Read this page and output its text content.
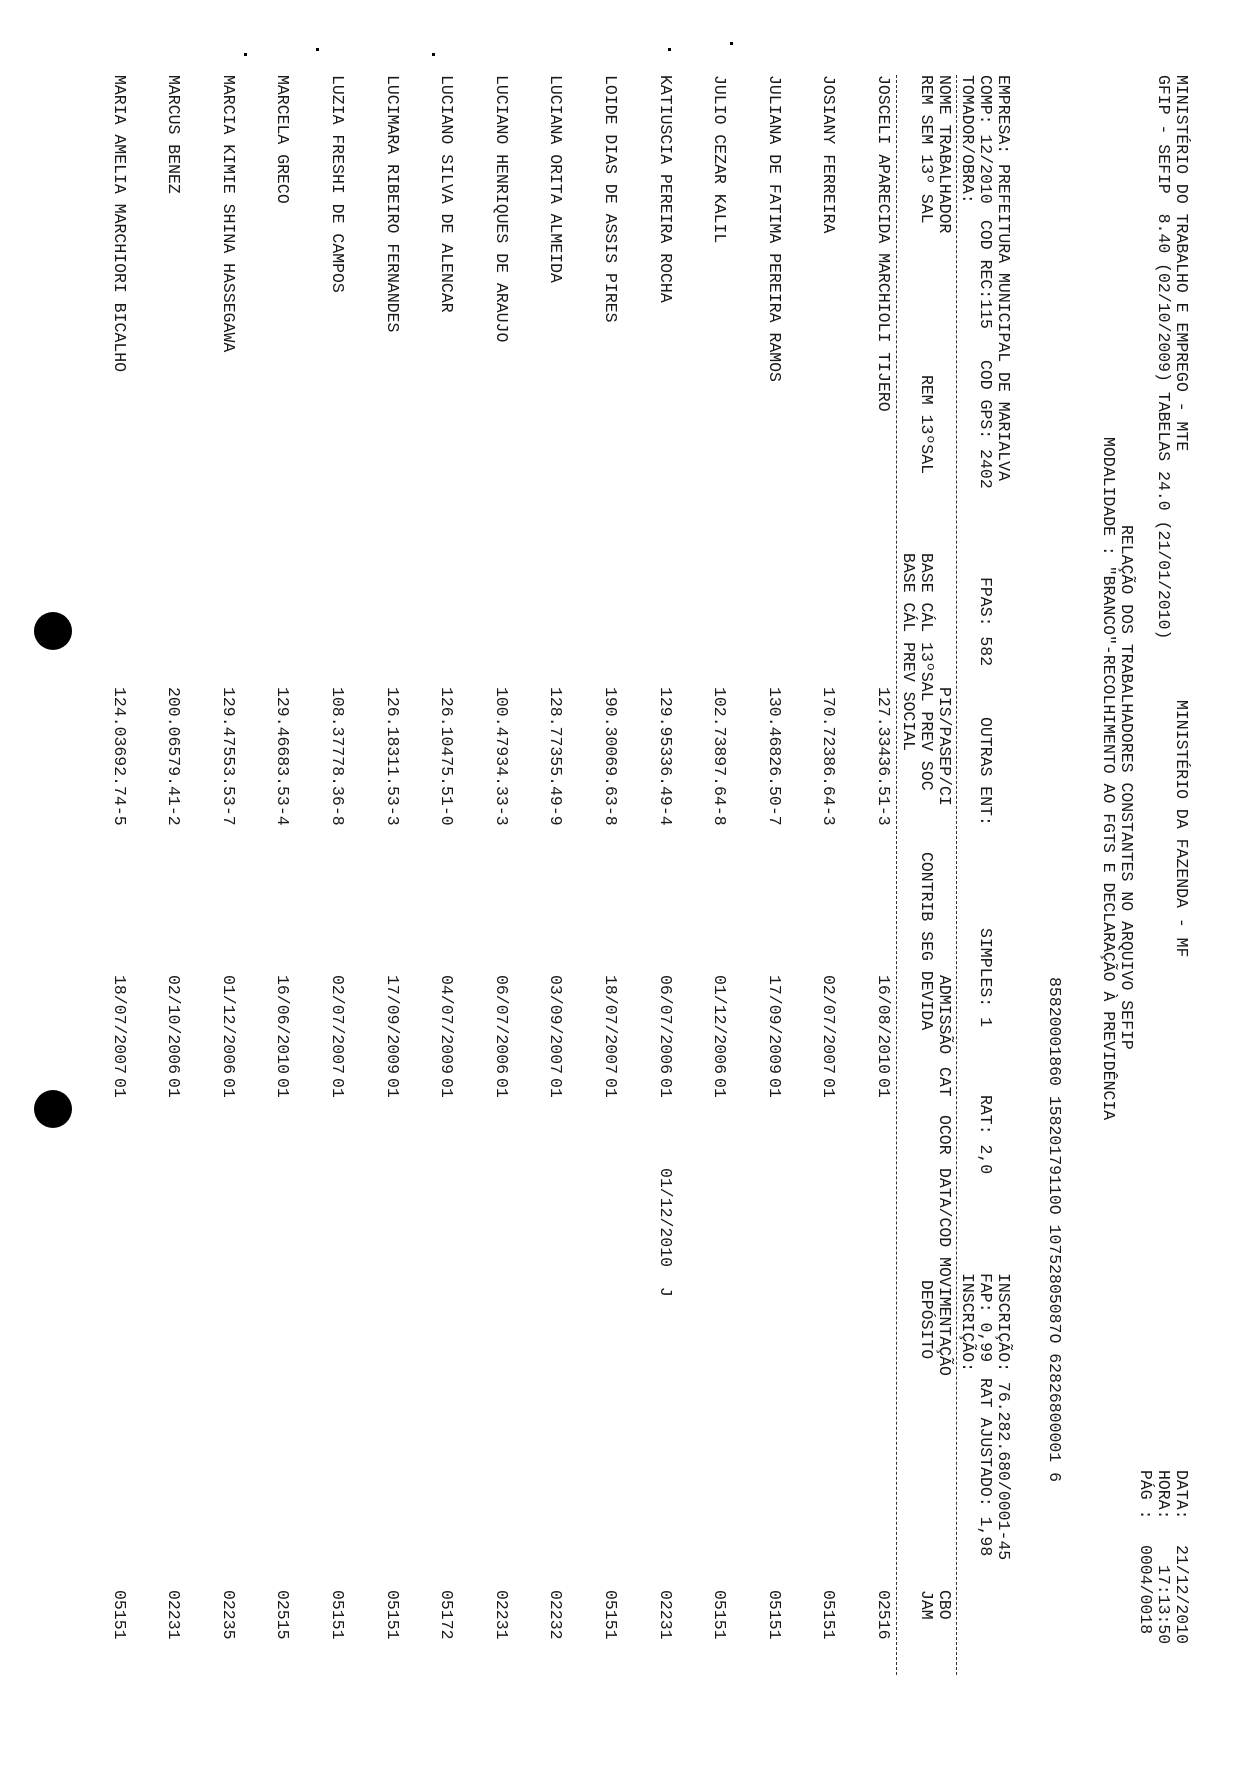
MINISTÉRIO DO TRABALHO E EMPREGO - MTE

MINISTÉRIO DA FAZENDA - MF

DATA:

21/12/2010

GFIP - SEFIP  8.40 (02/10/2009) TABELAS 24.0 (21/01/2010)

HORA:

17:13:50

PÁG :

0004/0018

RELAÇÃO DOS TRABALHADORES CONSTANTES NO ARQUIVO SEFIP

MODALIDADE : "BRANCO"-RECOLHIMENTO AO FGTS E DECLARAÇÃO À PREVIDÊNCIA

85820001860 15820179110O 10752805087O 62826800001 6

EMPRESA: PREFEITURA MUNICIPAL DE MARIALVA

INSCRIÇÃO: 76.282.680/0001-45

COMP: 12/2010

COD REC:115

COD GPS: 2402

FPAS: 582

OUTRAS ENT:

SIMPLES: 1

RAT: 2,0

FAP: 0,99

RAT AJUSTADO: 1,98

TOMADOR/OBRA:

INSCRIÇÃO:

NOME TRABALHADOR

PIS/PASEP/CI

ADMISSÃO

CAT

OCOR

DATA/COD MOVIMENTAÇÃO

CBO

REM SEM 13º SAL

REM 13ºSAL

BASE CÁL 13ºSAL PREV SOC

CONTRIB SEG DEVIDA

DEPÓSITO

JAM

BASE CÁL PREV SOCIAL

JOSCELI APARECIDA MARCHIOLI TIJERO
127.33436.51-3
16/08/2010
01
02516
JOSIANY FERREIRA
170.72386.64-3
02/07/2007
01
05151
JULIANA DE FATIMA PEREIRA RAMOS
130.46826.50-7
17/09/2009
01
05151
JULIO CEZAR KALIL
102.73897.64-8
01/12/2006
01
05151
KATIUSCIA PEREIRA ROCHA
129.95336.49-4
06/07/2006
01
01/12/2010  J
02231
LOIDE DIAS DE ASSIS PIRES
190.30069.63-8
18/07/2007
01
05151
LUCIANA ORITA ALMEIDA
128.77355.49-9
03/09/2007
01
02232
LUCIANO HENRIQUES DE ARAUJO
100.47934.33-3
06/07/2006
01
02231
LUCIANO SILVA DE ALENCAR
126.10475.51-0
04/07/2009
01
05172
LUCIMARA RIBEIRO FERNANDES
126.18311.53-3
17/09/2009
01
05151
LUZIA FRESHI DE CAMPOS
108.37778.36-8
02/07/2007
01
05151
MARCELA GRECO
129.46683.53-4
16/06/2010
01
02515
MARCIA KIMIE SHINA HASSEGAWA
129.47553.53-7
01/12/2006
01
02235
MARCUS BENEZ
200.06579.41-2
02/10/2006
01
02231
MARIA AMELIA MARCHIORI BICALHO
124.03692.74-5
18/07/2007
01
05151
